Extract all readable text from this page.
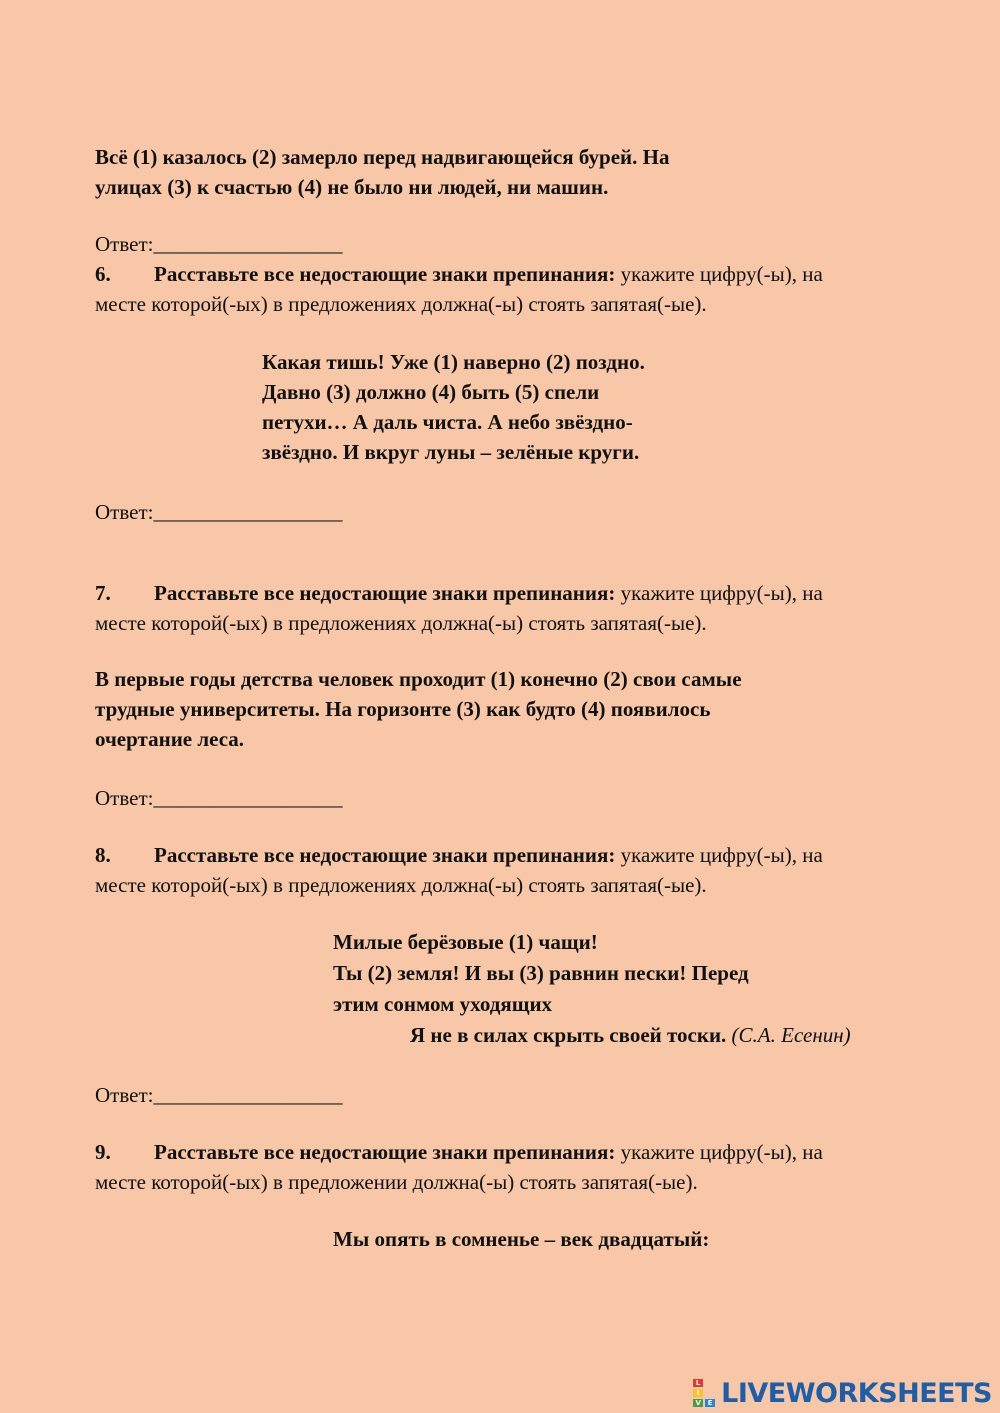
Всё (1) казалось (2) замерло перед надвигающейся бурей. На
улицах (3) к счастью (4) не было ни людей, ни машин.
Ответ:__________________
6. Расставьте все недостающие знаки препинания: укажите цифру(-ы), на
месте которой(-ых) в предложениях должна(-ы) стоять запятая(-ые).
Какая тишь! Уже (1) наверно (2) поздно.
Давно (3) должно (4) быть (5) спели
петухи… А даль чиста. А небо звёздно-
звёздно. И вкруг луны – зелёные круги.
Ответ:__________________
7. Расставьте все недостающие знаки препинания: укажите цифру(-ы), на
месте которой(-ых) в предложениях должна(-ы) стоять запятая(-ые).
В первые годы детства человек проходит (1) конечно (2) свои самые
трудные университеты. На горизонте (3) как будто (4) появилось
очертание леса.
Ответ:__________________
8. Расставьте все недостающие знаки препинания: укажите цифру(-ы), на
месте которой(-ых) в предложениях должна(-ы) стоять запятая(-ые).
Милые берёзовые (1) чащи!
Ты (2) земля! И вы (3) равнин пески! Перед
этим сонмом уходящих
Я не в силах скрыть своей тоски. (С.А. Есенин)
Ответ:__________________
9. Расставьте все недостающие знаки препинания: укажите цифру(-ы), на
месте которой(-ых) в предложении должна(-ы) стоять запятая(-ые).
Мы опять в сомненье – век двадцатый:
L
I
V E LIVEWORKSHEETS
